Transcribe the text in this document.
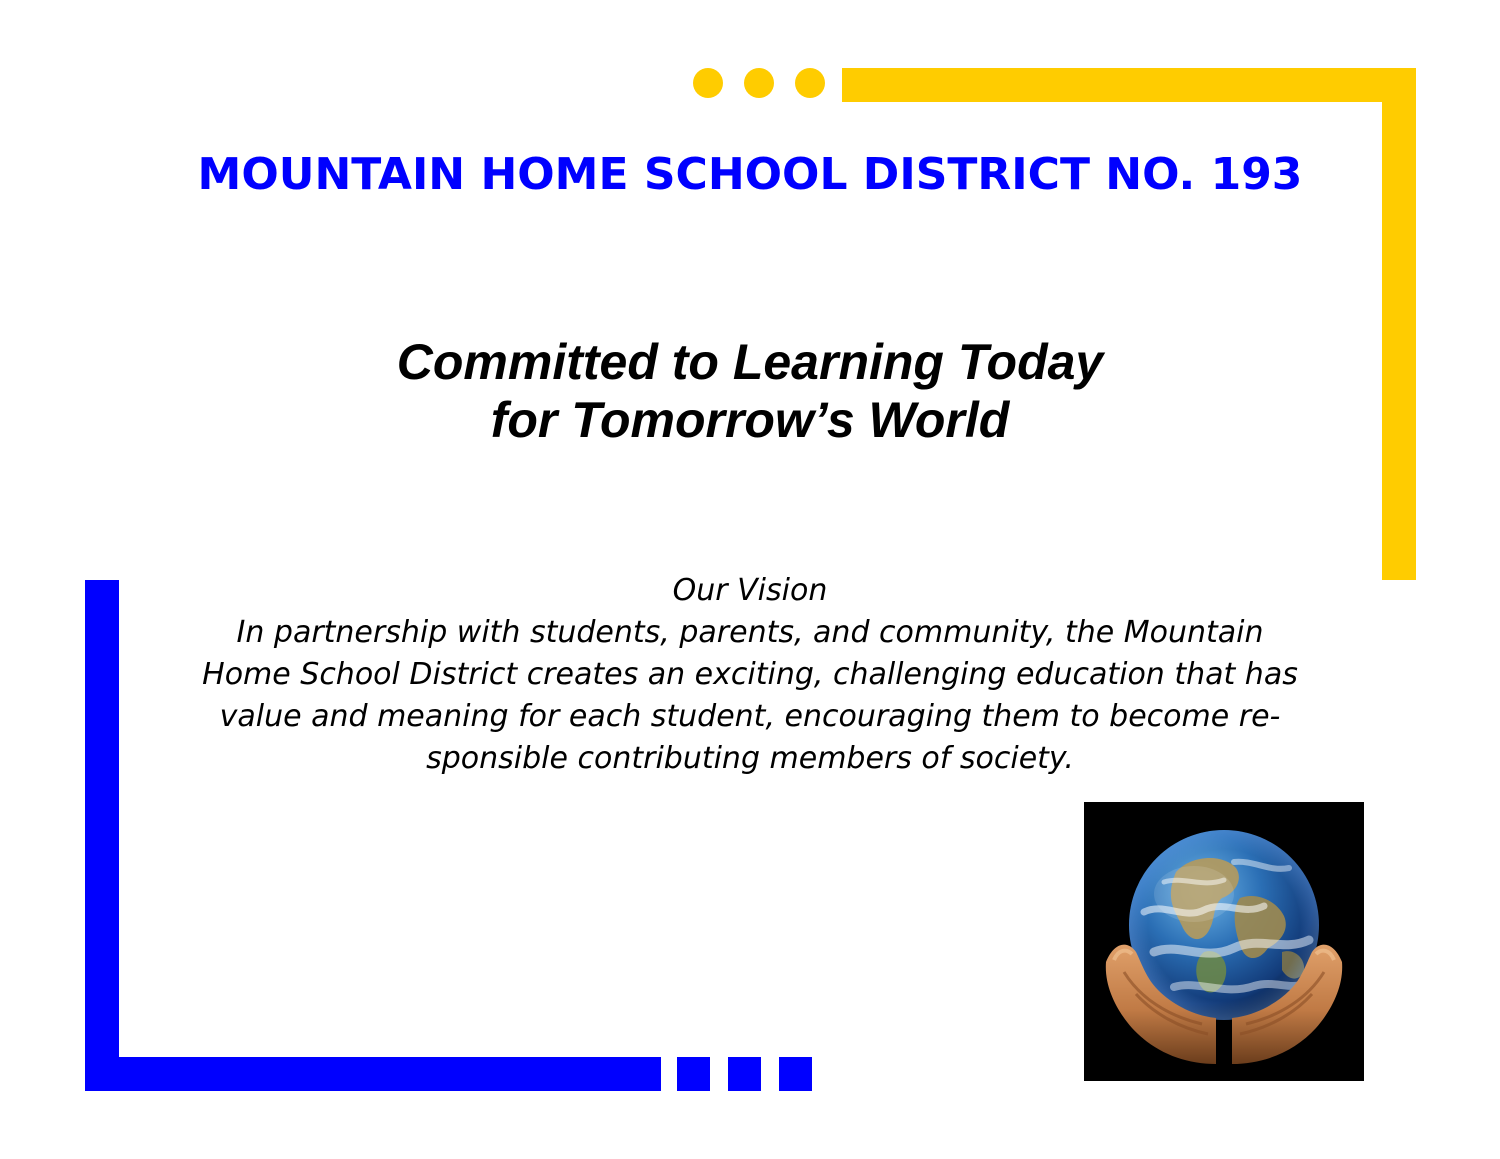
MOUNTAIN HOME SCHOOL DISTRICT NO. 193
Committed to Learning Today
for Tomorrow’s World
Our Vision
In partnership with students, parents, and community, the Mountain
Home School District creates an exciting, challenging education that has
value and meaning for each student, encouraging them to become re-
sponsible contributing members of society.
